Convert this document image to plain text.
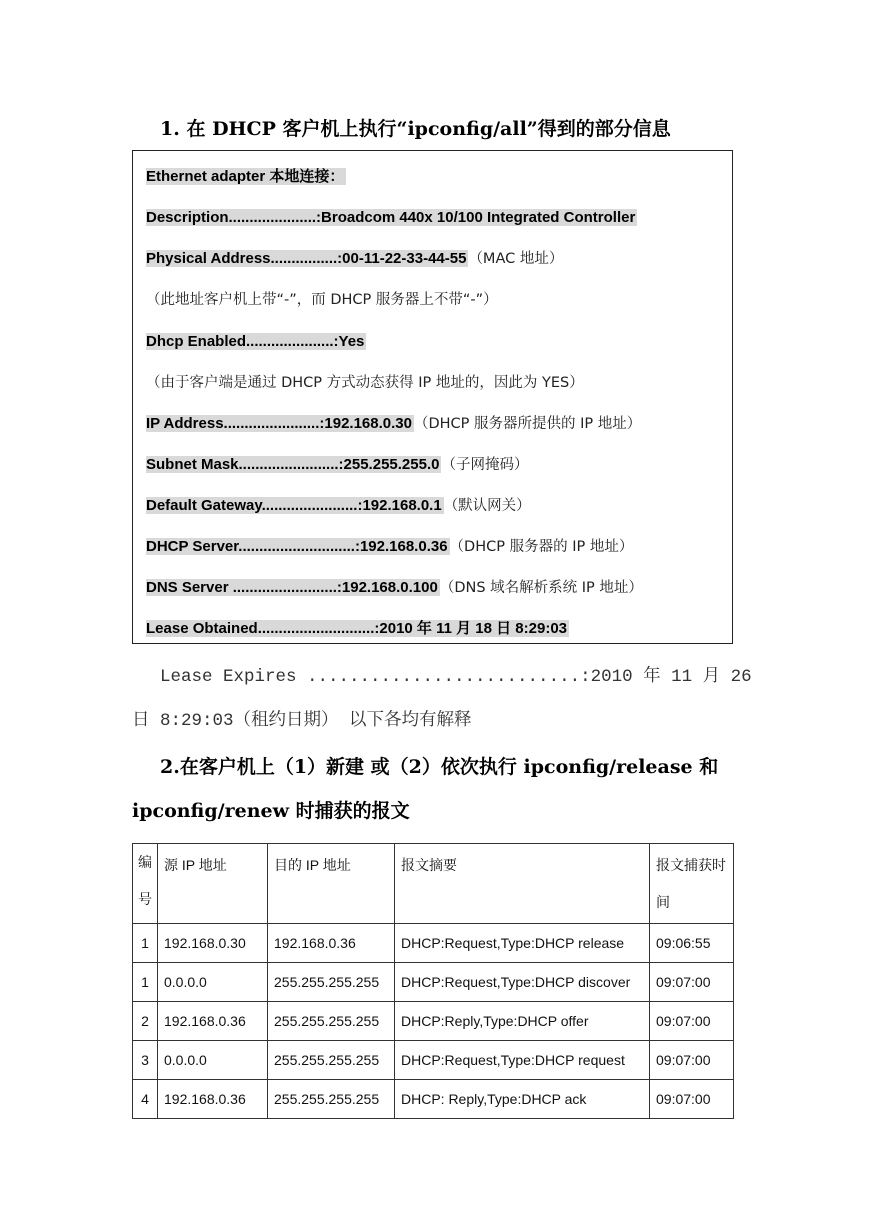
1. 在 DHCP 客户机上执行“ipconfig/all”得到的部分信息
Ethernet adapter 本地连接：
Description.....................:Broadcom 440x 10/100 Integrated Controller
Physical Address................:00-11-22-33-44-55 （MAC 地址）
（此地址客户机上带“-”，而 DHCP 服务器上不带“-”）
Dhcp Enabled.....................:Yes
（由于客户端是通过 DHCP 方式动态获得 IP 地址的，因此为 YES）
IP Address.......................:192.168.0.30 （DHCP 服务器所提供的 IP 地址）
Subnet Mask........................:255.255.255.0 （子网掩码）
Default Gateway.......................:192.168.0.1 （默认网关）
DHCP Server............................:192.168.0.36 （DHCP 服务器的 IP 地址）
DNS Server .........................:192.168.0.100 （DNS 域名解析系统 IP 地址）
Lease Obtained............................:2010 年 11 月 18 日 8:29:03

Lease Expires ..........................:2010 年 11 月 26

日 8:29:03（租约日期） 以下各均有解释

2.在客户机上（1）新建 或（2）依次执行 ipconfig/release 和
ipconfig/renew 时捕获的报文
编号	源 IP 地址	目的 IP 地址	报文摘要	报文捕获时间
1	192.168.0.30	192.168.0.36	DHCP:Request,Type:DHCP release	09:06:55
1	0.0.0.0	255.255.255.255	DHCP:Request,Type:DHCP discover	09:07:00
2	192.168.0.36	255.255.255.255	DHCP:Reply,Type:DHCP offer	09:07:00
3	0.0.0.0	255.255.255.255	DHCP:Request,Type:DHCP request	09:07:00
4	192.168.0.36	255.255.255.255	DHCP: Reply,Type:DHCP ack	09:07:00
